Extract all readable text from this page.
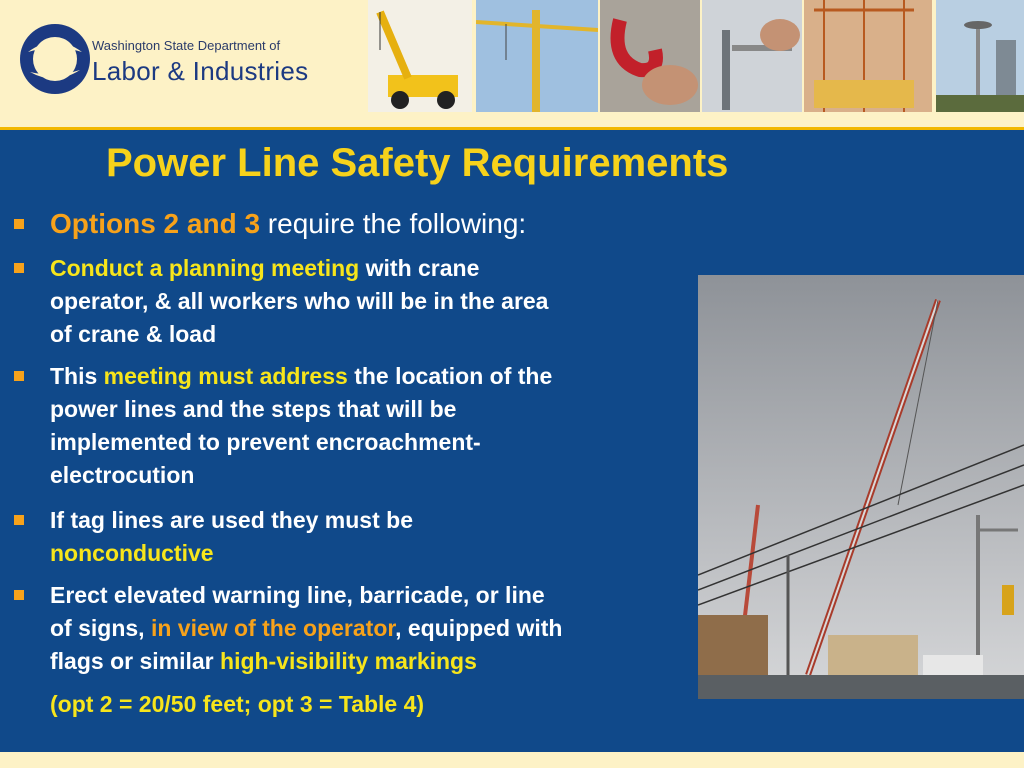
Washington State Department of
Labor & Industries
Power Line Safety Requirements
Options 2 and 3 require the following:
Conduct a planning meeting with crane
operator, & all workers who will be in the area
of crane & load
This meeting must address the location of the
power lines and the steps that will be
implemented to prevent encroachment-
electrocution
If tag lines are used they must be
nonconductive
Erect elevated warning line, barricade, or line
of signs, in view of the operator, equipped with
flags or similar high-visibility markings
(opt 2 = 20/50 feet; opt 3 = Table 4)
